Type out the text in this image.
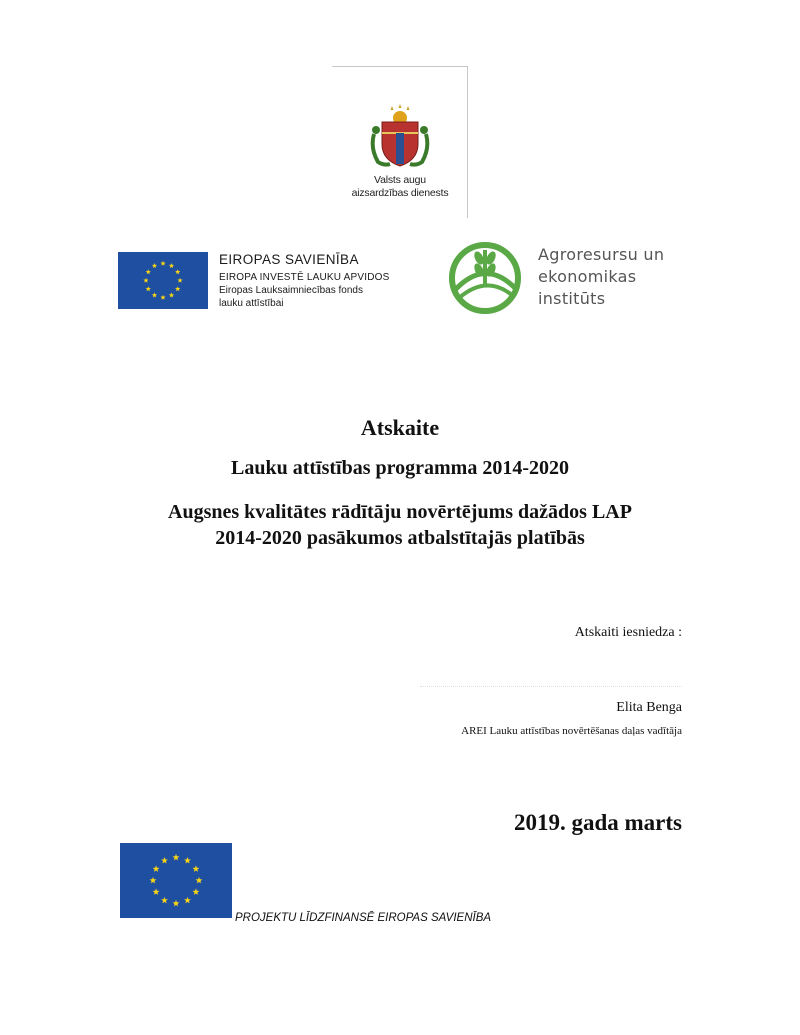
Valsts augu
aizsardzības dienests
EIROPAS SAVIENĪBA
EIROPA INVESTĒ LAUKU APVIDOS
Eiropas Lauksaimniecības fonds
lauku attīstībai
Agroresursu un
ekonomikas
institūts
Atskaite
Lauku attīstības programma 2014-2020
Augsnes kvalitātes rādītāju novērtējums dažādos LAP
2014-2020 pasākumos atbalstītajās platībās
Atskaiti iesniedza :
Elita Benga
AREI Lauku attīstības novērtēšanas daļas vadītāja
2019. gada marts
PROJEKTU LĪDZFINANSĒ EIROPAS SAVIENĪBA
